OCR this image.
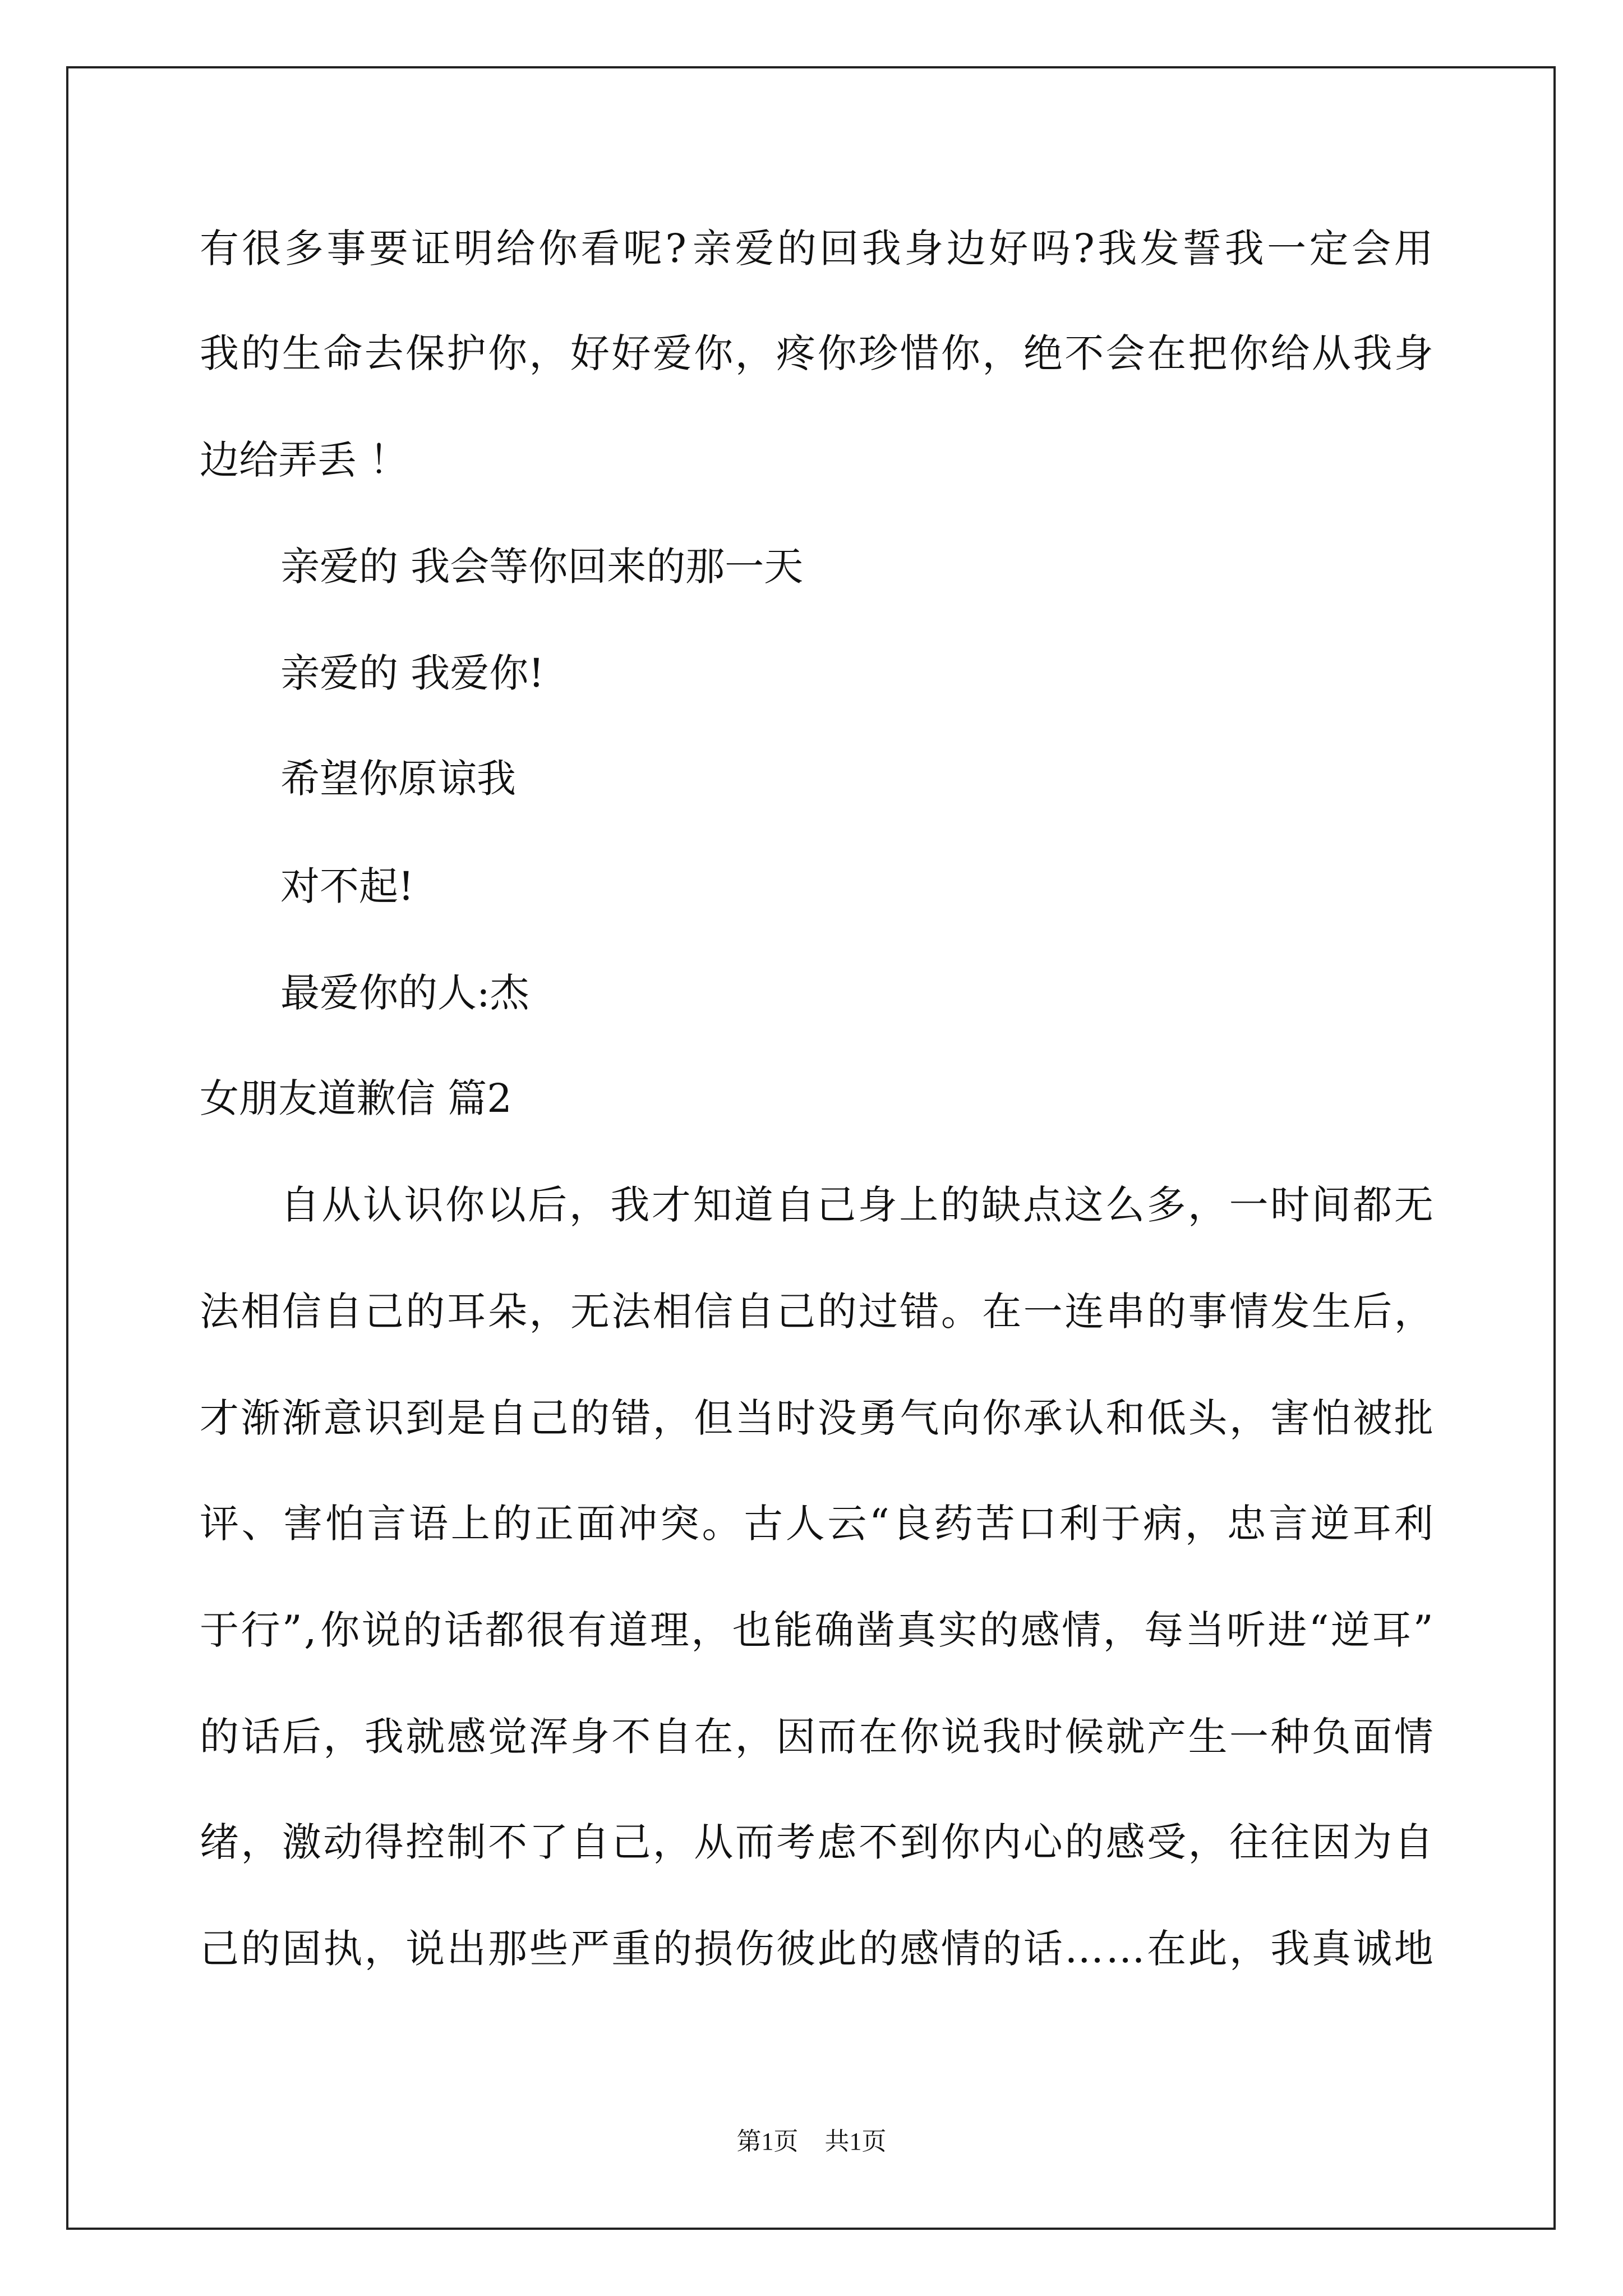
有 很 多 事 要 证 明 给 你 看 呢 ? 亲 爱 的 回 我 身 边 好 吗 ? 我 发 誓 我 一 定 会 用

我 的 生 命 去 保 护 你 ， 好 好 爱 你 ， 疼 你 珍 惜 你 ， 绝 不 会 在 把 你 给 从 我 身

边给弄丢 ！

亲爱的 我会等你回来的那一天

亲爱的 我爱你!

希望你原谅我

对不起!

最爱你的人:杰

女朋友道歉信 篇2

自 从 认 识 你 以 后 ， 我 才 知 道 自 己 身 上 的 缺 点 这 么 多 ， 一 时 间 都 无

法 相 信 自 己 的 耳 朵 ， 无 法 相 信 自 己 的 过 错 。 在 一 连 串 的 事 情 发 生 后 ，

才 渐 渐 意 识 到 是 自 己 的 错 ， 但 当 时 没 勇 气 向 你 承 认 和 低 头 ， 害 怕 被 批

评 、 害 怕 言 语 上 的 正 面 冲 突 。 古 人 云 “ 良 药 苦 口 利 于 病 ， 忠 言 逆 耳 利

于 行 ” , 你 说 的 话 都 很 有 道 理 ， 也 能 确 凿 真 实 的 感 情 ， 每 当 听 进 “ 逆 耳 ”

的 话 后 ， 我 就 感 觉 浑 身 不 自 在 ， 因 而 在 你 说 我 时 候 就 产 生 一 种 负 面 情

绪 ， 激 动 得 控 制 不 了 自 己 ， 从 而 考 虑 不 到 你 内 心 的 感 受 ， 往 往 因 为 自

己 的 固 执 ， 说 出 那 些 严 重 的 损 伤 彼 此 的 感 情 的 话 … … 在 此 ， 我 真 诚 地

第1页 共1页
